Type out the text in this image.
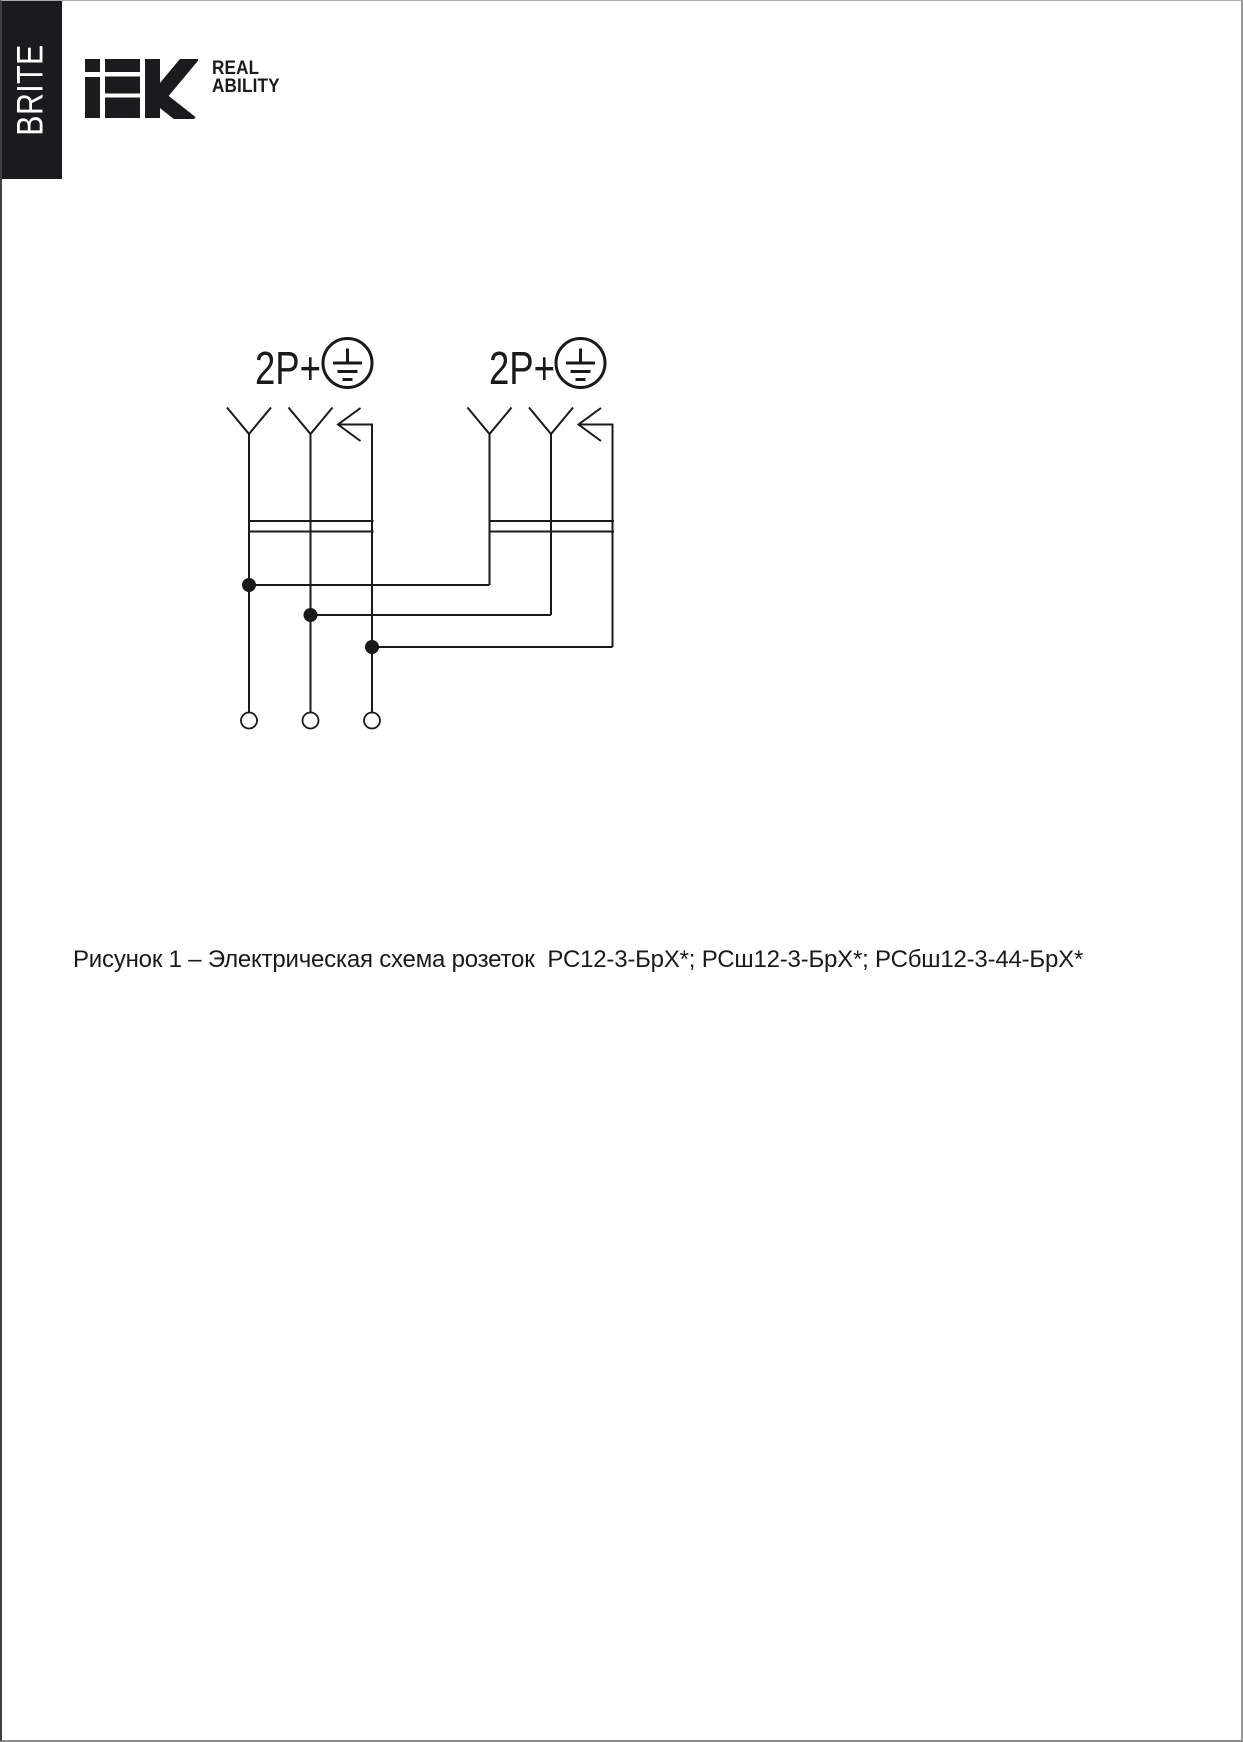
BRITE	REAL
ABILITY
2P+	2P+
Рисунок 1 – Электрическая схема розеток  РС12-3-БрХ*; РСш12-3-БрХ*; РСбш12-3-44-БрХ*
